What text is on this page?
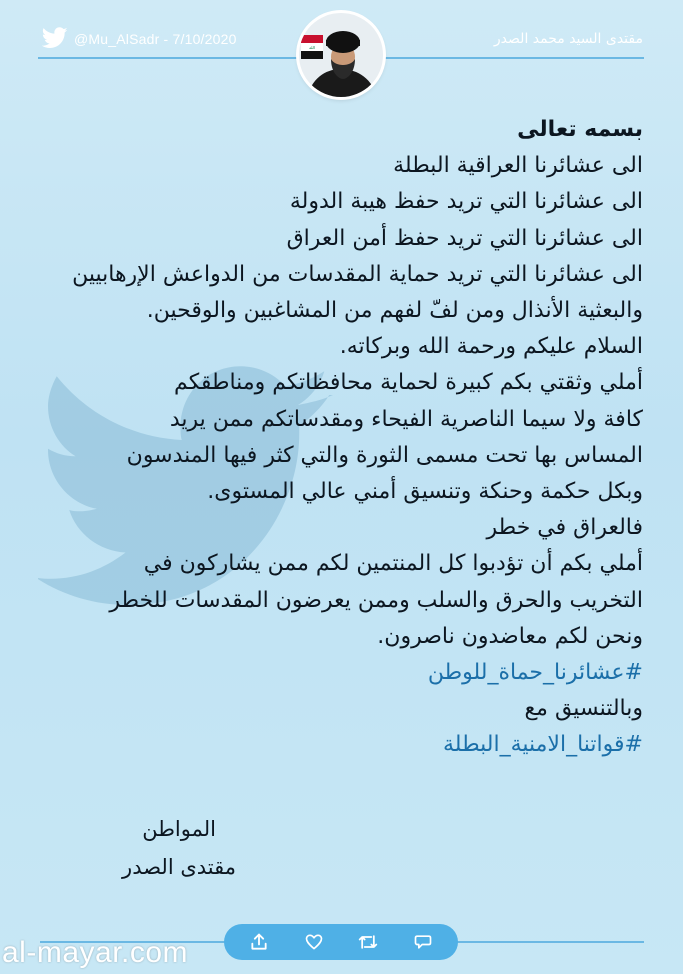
@Mu_AlSadr - 7/10/2020	مقتدى السيد محمد الصدر
الله
بسمه تعالى
الى عشائرنا العراقية البطلة
الى عشائرنا التي تريد حفظ هيبة الدولة
الى عشائرنا التي تريد حفظ أمن العراق
الى عشائرنا التي تريد حماية المقدسات من الدواعش الإرهابيين
والبعثية الأنذال ومن لفّ لفهم من المشاغبين والوقحين.
السلام عليكم ورحمة الله وبركاته.
أملي وثقتي بكم كبيرة لحماية محافظاتكم ومناطقكم
كافة ولا سيما الناصرية الفيحاء ومقدساتكم ممن يريد
المساس بها تحت مسمى الثورة والتي كثر فيها المندسون
وبكل حكمة وحنكة وتنسيق أمني عالي المستوى.
فالعراق في خطر
أملي بكم أن تؤدبوا كل المنتمين لكم ممن يشاركون في
التخريب والحرق والسلب وممن يعرضون المقدسات للخطر
ونحن لكم معاضدون ناصرون.
#عشائرنا_حماة_للوطن
وبالتنسيق مع
#قواتنا_الامنية_البطلة
المواطن
مقتدى الصدر
al-mayar.com
